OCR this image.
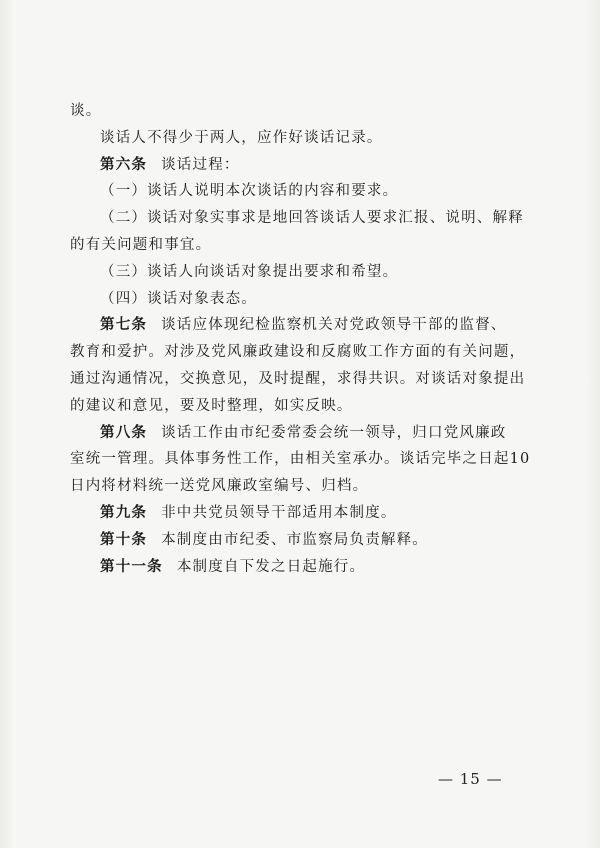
谈。

谈话人不得少于两人，应作好谈话记录。

第六条 谈话过程：

（一）谈话人说明本次谈话的内容和要求。

（二）谈话对象实事求是地回答谈话人要求汇报、说明、解释

的有关问题和事宜。

（三）谈话人向谈话对象提出要求和希望。

（四）谈话对象表态。

第七条 谈话应体现纪检监察机关对党政领导干部的监督、

教育和爱护。对涉及党风廉政建设和反腐败工作方面的有关问题，

通过沟通情况，交换意见，及时提醒，求得共识。对谈话对象提出

的建议和意见，要及时整理，如实反映。

第八条 谈话工作由市纪委常委会统一领导，归口党风廉政

室统一管理。具体事务性工作，由相关室承办。谈话完毕之日起10

日内将材料统一送党风廉政室编号、归档。

第九条 非中共党员领导干部适用本制度。

第十条 本制度由市纪委、市监察局负责解释。

第十一条 本制度自下发之日起施行。

— 15 —
